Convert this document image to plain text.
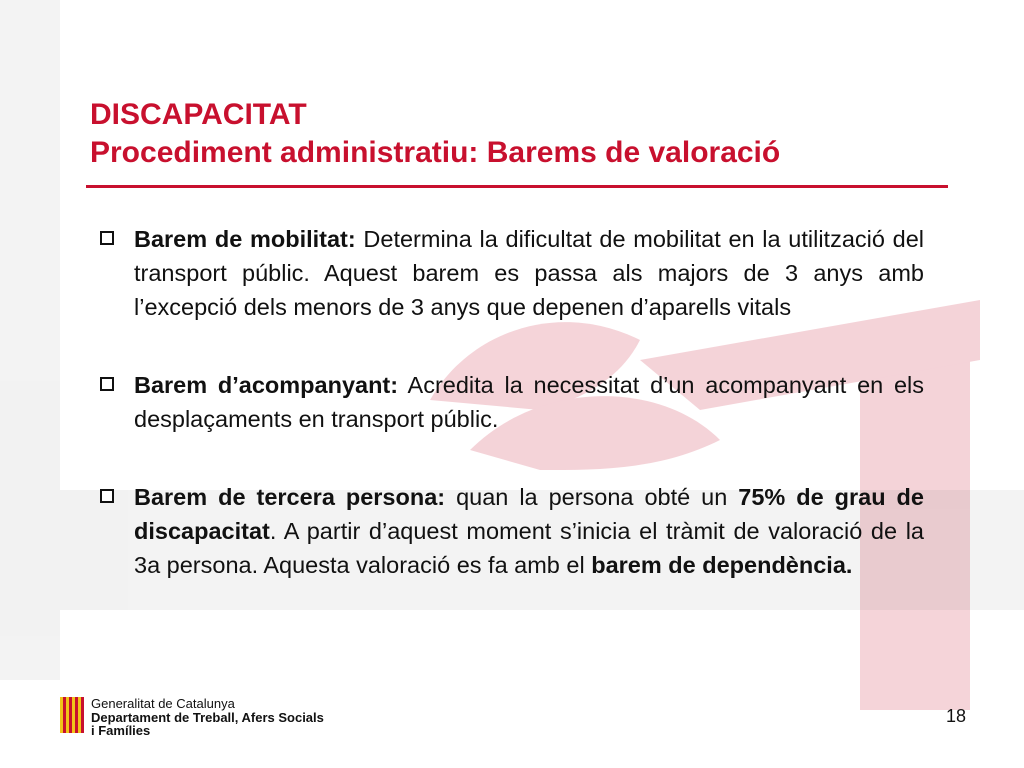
DISCAPACITAT
Procediment administratiu: Barems de valoració
Barem de mobilitat: Determina la dificultat de mobilitat en la utilització del transport públic. Aquest barem es passa als majors de 3 anys amb l’excepció dels menors de 3 anys que depenen d’aparells vitals
Barem d’acompanyant: Acredita la necessitat d’un acompanyant en els desplaçaments en transport públic.
Barem de tercera persona: quan la persona obté un 75% de grau de discapacitat. A partir d’aquest moment s’inicia el tràmit de valoració de la 3a persona. Aquesta valoració es fa amb el barem de dependència.
Generalitat de Catalunya
Departament de Treball, Afers Socials
i Famílies
18
